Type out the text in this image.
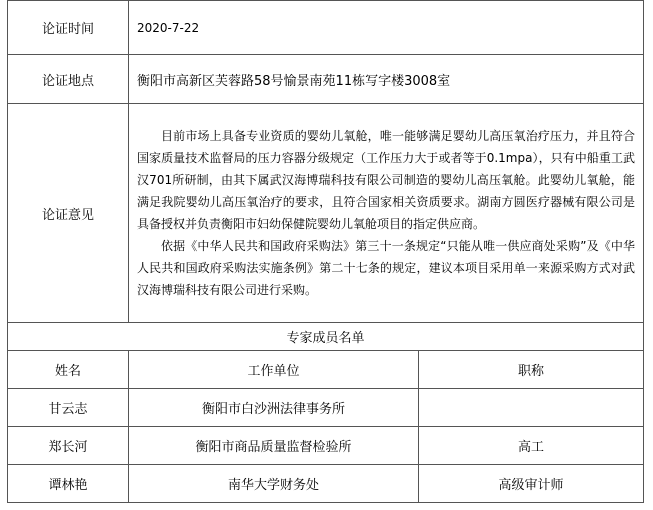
论证时间	2020-7-22	
论证地点	衡阳市高新区芙蓉路58号愉景南苑11栋写字楼3008室	
论证意见	目前市场上具备专业资质的婴幼儿氧舱，唯一能够满足婴幼儿高压氧治疗压力，并且符合国家质量技术监督局的压力容器分级规定（工作压力大于或者等于0.1mpa），只有中船重工武汉701所研制，由其下属武汉海博瑞科技有限公司制造的婴幼儿高压氧舱。此婴幼儿氧舱，能满足我院婴幼儿高压氧治疗的要求，且符合国家相关资质要求。湖南方圆医疗器械有限公司是具备授权并负责衡阳市妇幼保健院婴幼儿氧舱项目的指定供应商。

依据《中华人民共和国政府采购法》第三十一条规定“只能从唯一供应商处采购”及《中华人民共和国政府采购法实施条例》第二十七条的规定，建议本项目采用单一来源采购方式对武汉海博瑞科技有限公司进行采购。	

专家成员名单		
姓名	工作单位	职称
甘云志	衡阳市白沙洲法律事务所	
郑长河	衡阳市商品质量监督检验所	高工
谭林艳	南华大学财务处	高级审计师
